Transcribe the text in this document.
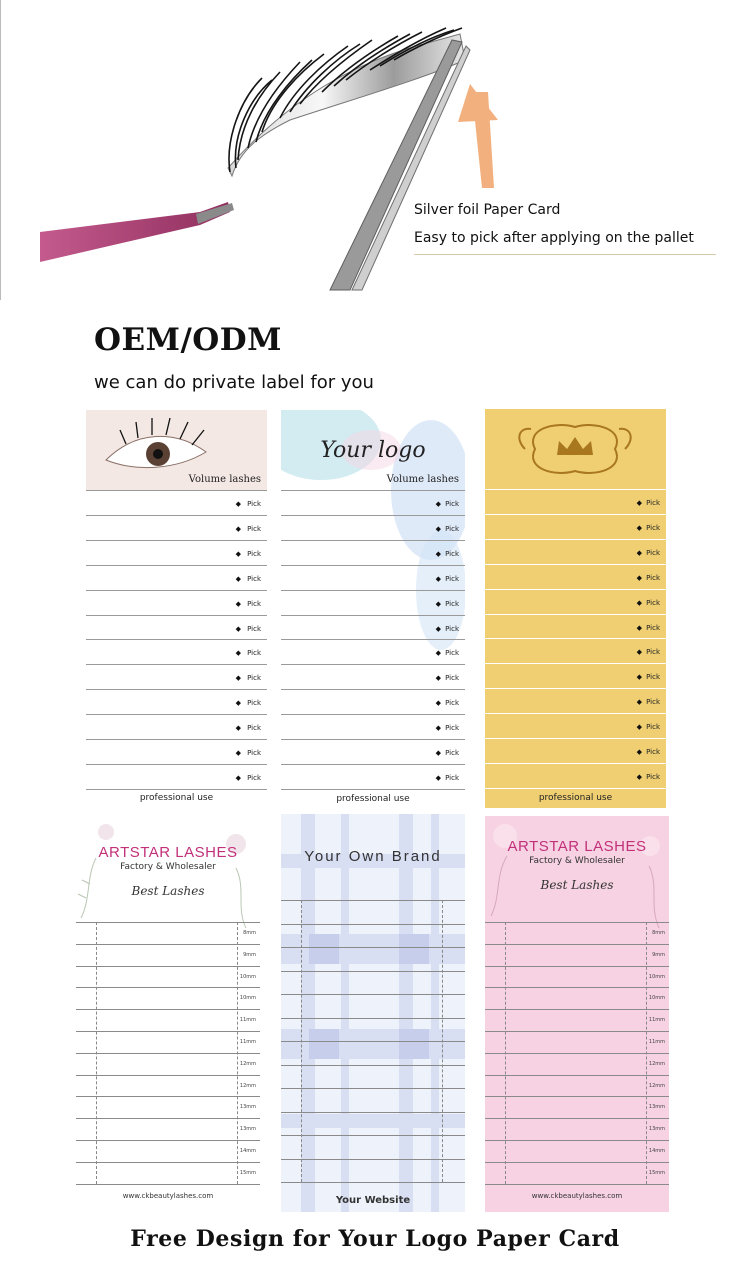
Silver foil Paper Card
Easy to pick after applying on the pallet
OEM/ODM
we can do private label for you
Volume lashes
Pick
◆
Pick
◆
Pick
◆
Pick
◆
Pick
◆
Pick
◆
Pick
◆
Pick
◆
Pick
◆
Pick
◆
Pick
◆
Pick
◆
professional use
Your logo
Volume lashes
Pick
◆
Pick
◆
Pick
◆
Pick
◆
Pick
◆
Pick
◆
Pick
◆
Pick
◆
Pick
◆
Pick
◆
Pick
◆
Pick
◆
professional use
Pick
◆
Pick
◆
Pick
◆
Pick
◆
Pick
◆
Pick
◆
Pick
◆
Pick
◆
Pick
◆
Pick
◆
Pick
◆
Pick
◆
professional use
ARTSTAR LASHES
Factory & Wholesaler
Best Lashes
8mm
9mm
10mm
10mm
11mm
11mm
12mm
12mm
13mm
13mm
14mm
15mm
www.ckbeautylashes.com
Your Own Brand
Your Website
ARTSTAR LASHES
Factory & Wholesaler
Best Lashes
8mm
9mm
10mm
10mm
11mm
11mm
12mm
12mm
13mm
13mm
14mm
15mm
www.ckbeautylashes.com
Free Design for Your Logo Paper Card
